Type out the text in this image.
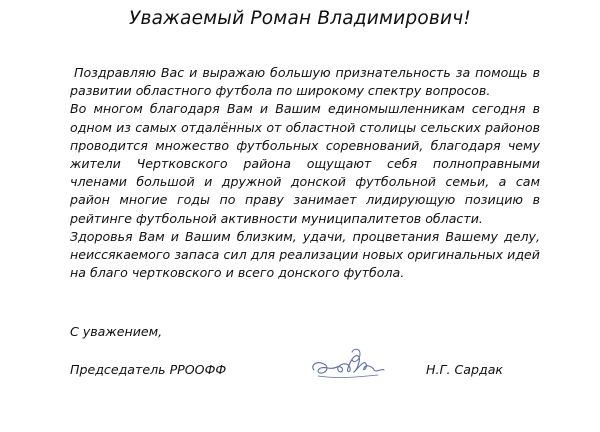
Уважаемый Роман Владимирович!

Поздравляю Вас и выражаю большую признательность за помощь в развитии областного футбола по широкому спектру вопросов.

Во многом благодаря Вам и Вашим единомышленникам сегодня в одном из самых отдалённых от областной столицы сельских районов проводится множество футбольных соревнований, благодаря чему жители Чертковского района ощущают себя полноправными членами большой и дружной донской футбольной семьи, а сам район многие годы по праву занимает лидирующую позицию в рейтинге футбольной активности муниципалитетов области.

Здоровья Вам и Вашим близким, удачи, процветания Вашему делу, неиссякаемого запаса сил для реализации новых оригинальных идей на благо чертковского и всего донского футбола.

С уважением,
Председатель РРООФФ	Н.Г. Сардак
